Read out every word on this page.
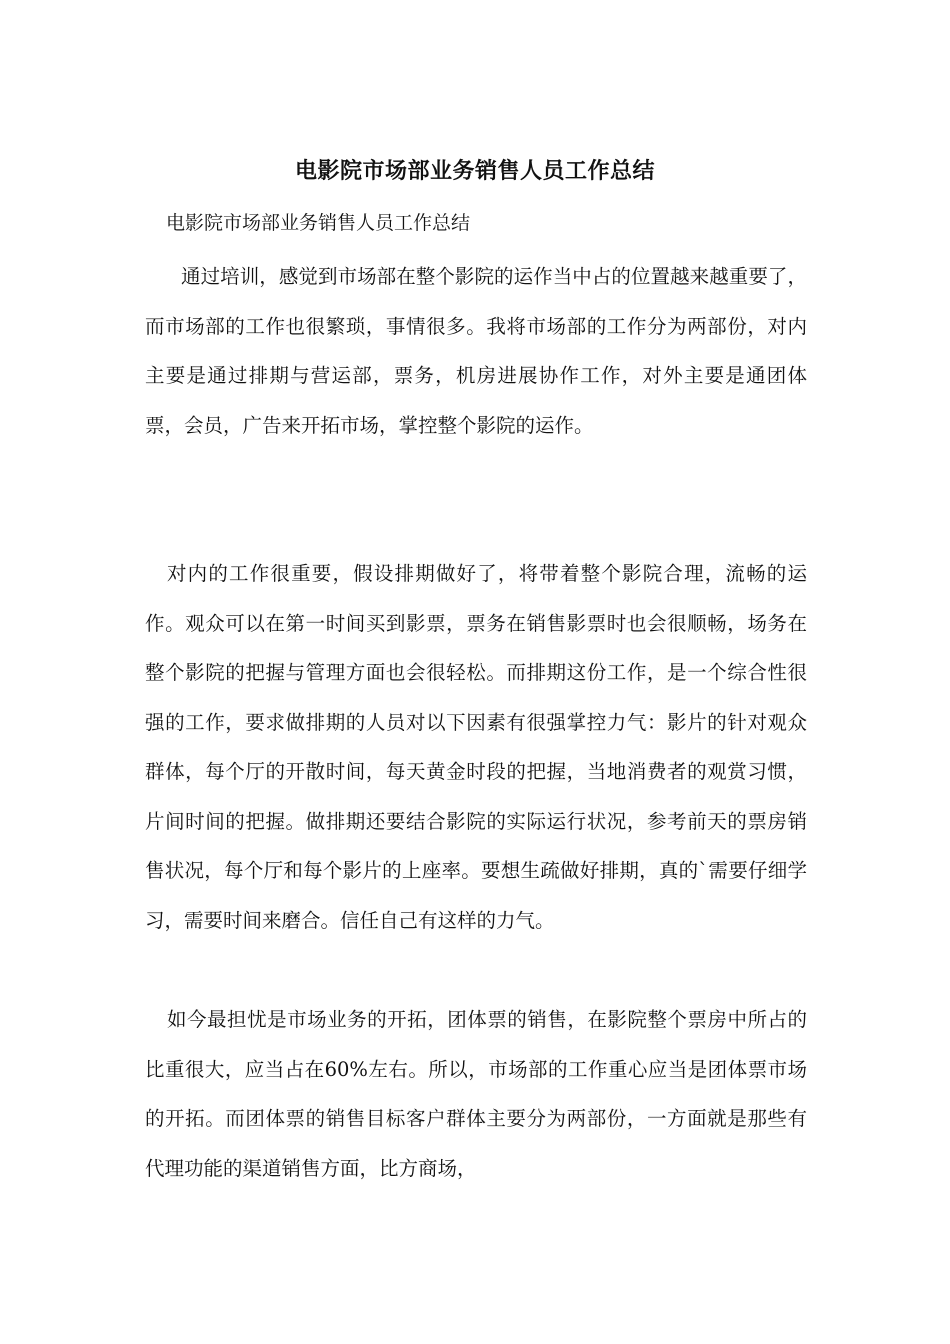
电影院市场部业务销售人员工作总结
电影院市场部业务销售人员工作总结

通过培训，感觉到市场部在整个影院的运作当中占的位置越来越重要了，而市场部的工作也很繁琐，事情很多。我将市场部的工作分为两部份，对内主要是通过排期与营运部，票务，机房进展协作工作，对外主要是通团体票，会员，广告来开拓市场，掌控整个影院的运作。

对内的工作很重要，假设排期做好了，将带着整个影院合理，流畅的运作。观众可以在第一时间买到影票，票务在销售影票时也会很顺畅，场务在整个影院的把握与管理方面也会很轻松。而排期这份工作，是一个综合性很强的工作，要求做排期的人员对以下因素有很强掌控力气：影片的针对观众群体，每个厅的开散时间，每天黄金时段的把握，当地消费者的观赏习惯，片间时间的把握。做排期还要结合影院的实际运行状况，参考前天的票房销售状况，每个厅和每个影片的上座率。要想生疏做好排期，真的`需要仔细学习，需要时间来磨合。信任自己有这样的力气。

如今最担忧是市场业务的开拓，团体票的销售，在影院整个票房中所占的比重很大，应当占在60%左右。所以，市场部的工作重心应当是团体票市场的开拓。而团体票的销售目标客户群体主要分为两部份，一方面就是那些有代理功能的渠道销售方面，比方商场，
